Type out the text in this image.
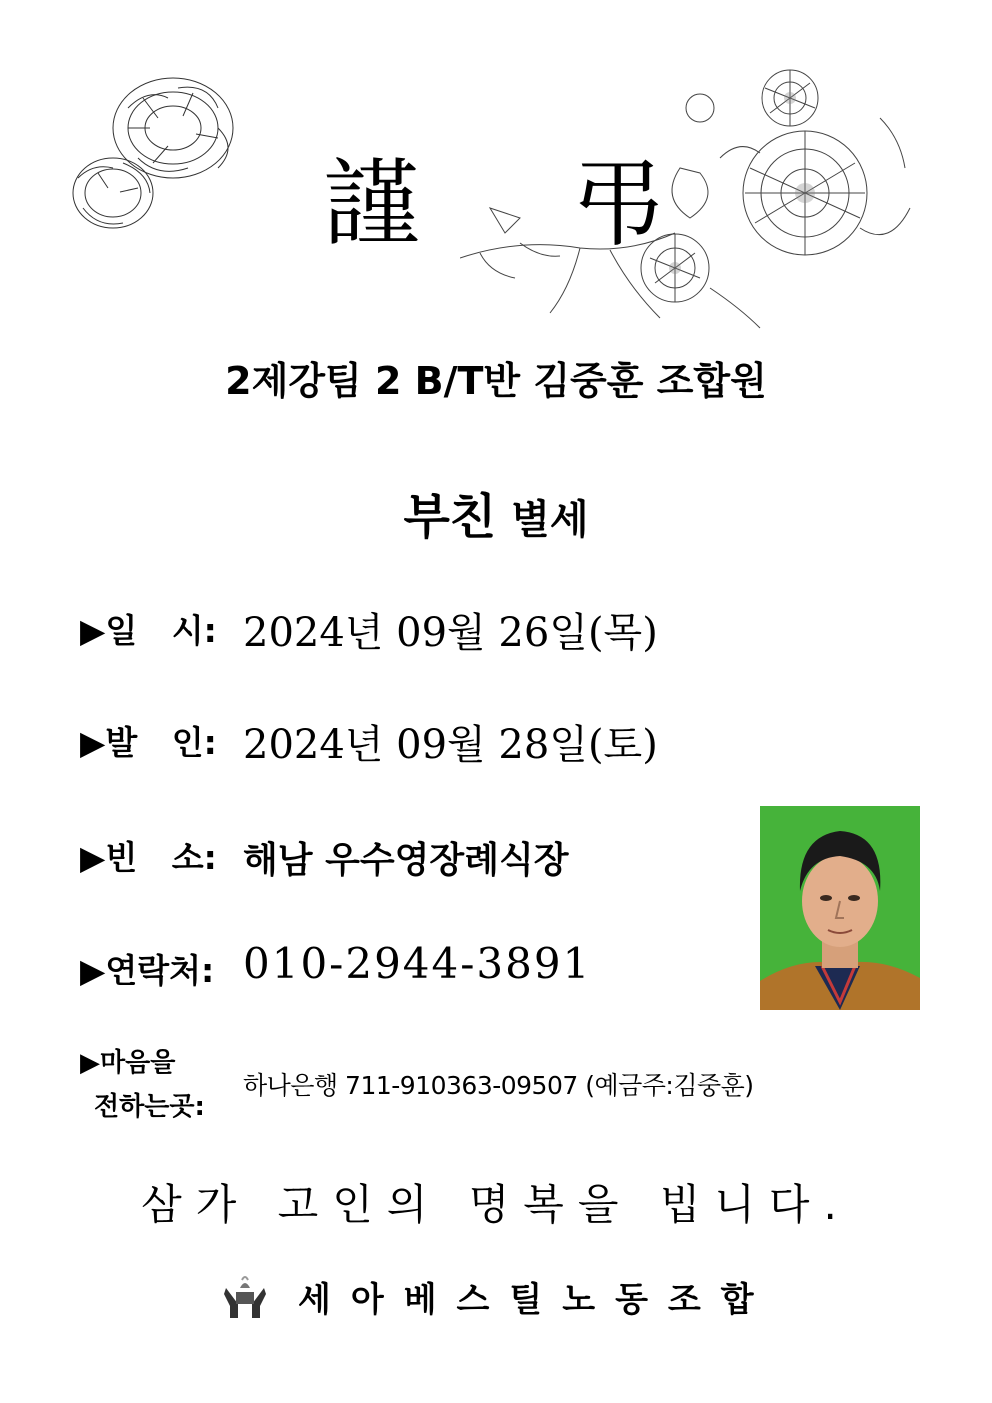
謹 弔
2제강팀 2 B/T반 김중훈 조합원
부친 별세
▶일   시: 2024년 09월 26일(목)
▶발   인: 2024년 09월 28일(토)
▶빈   소: 해남 우수영장례식장
▶연락처: 010-2944-3891
▶마음을
전하는곳:
하나은행 711-910363-09507 (예금주:김중훈)
삼가 고인의 명복을 빕니다.
세아베스틸노동조합
